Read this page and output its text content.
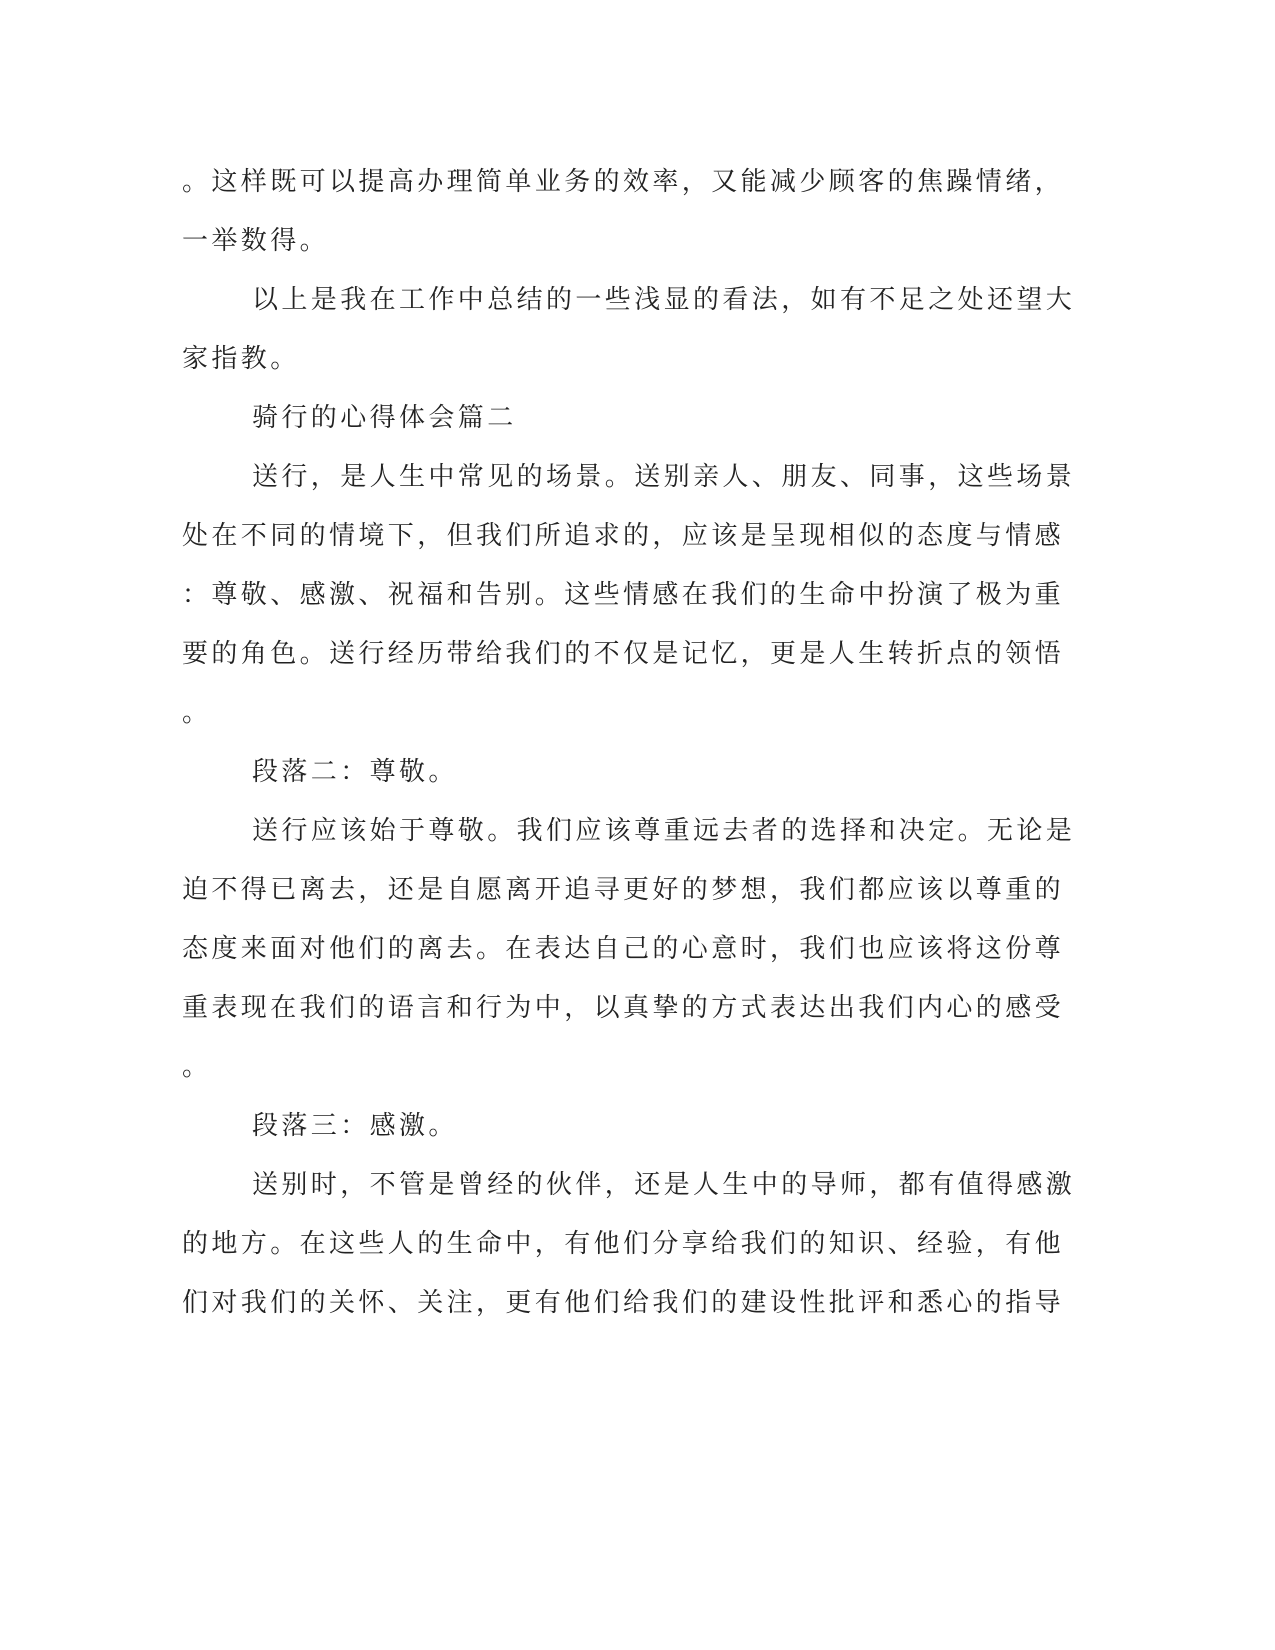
。这样既可以提高办理简单业务的效率，又能减少顾客的焦躁情绪，
一举数得。
以上是我在工作中总结的一些浅显的看法，如有不足之处还望大
家指教。
骑行的心得体会篇二
送行，是人生中常见的场景。送别亲人、朋友、同事，这些场景
处在不同的情境下，但我们所追求的，应该是呈现相似的态度与情感
：尊敬、感激、祝福和告别。这些情感在我们的生命中扮演了极为重
要的角色。送行经历带给我们的不仅是记忆，更是人生转折点的领悟
。
段落二：尊敬。
送行应该始于尊敬。我们应该尊重远去者的选择和决定。无论是
迫不得已离去，还是自愿离开追寻更好的梦想，我们都应该以尊重的
态度来面对他们的离去。在表达自己的心意时，我们也应该将这份尊
重表现在我们的语言和行为中，以真挚的方式表达出我们内心的感受
。
段落三：感激。
送别时，不管是曾经的伙伴，还是人生中的导师，都有值得感激
的地方。在这些人的生命中，有他们分享给我们的知识、经验，有他
们对我们的关怀、关注，更有他们给我们的建设性批评和悉心的指导
